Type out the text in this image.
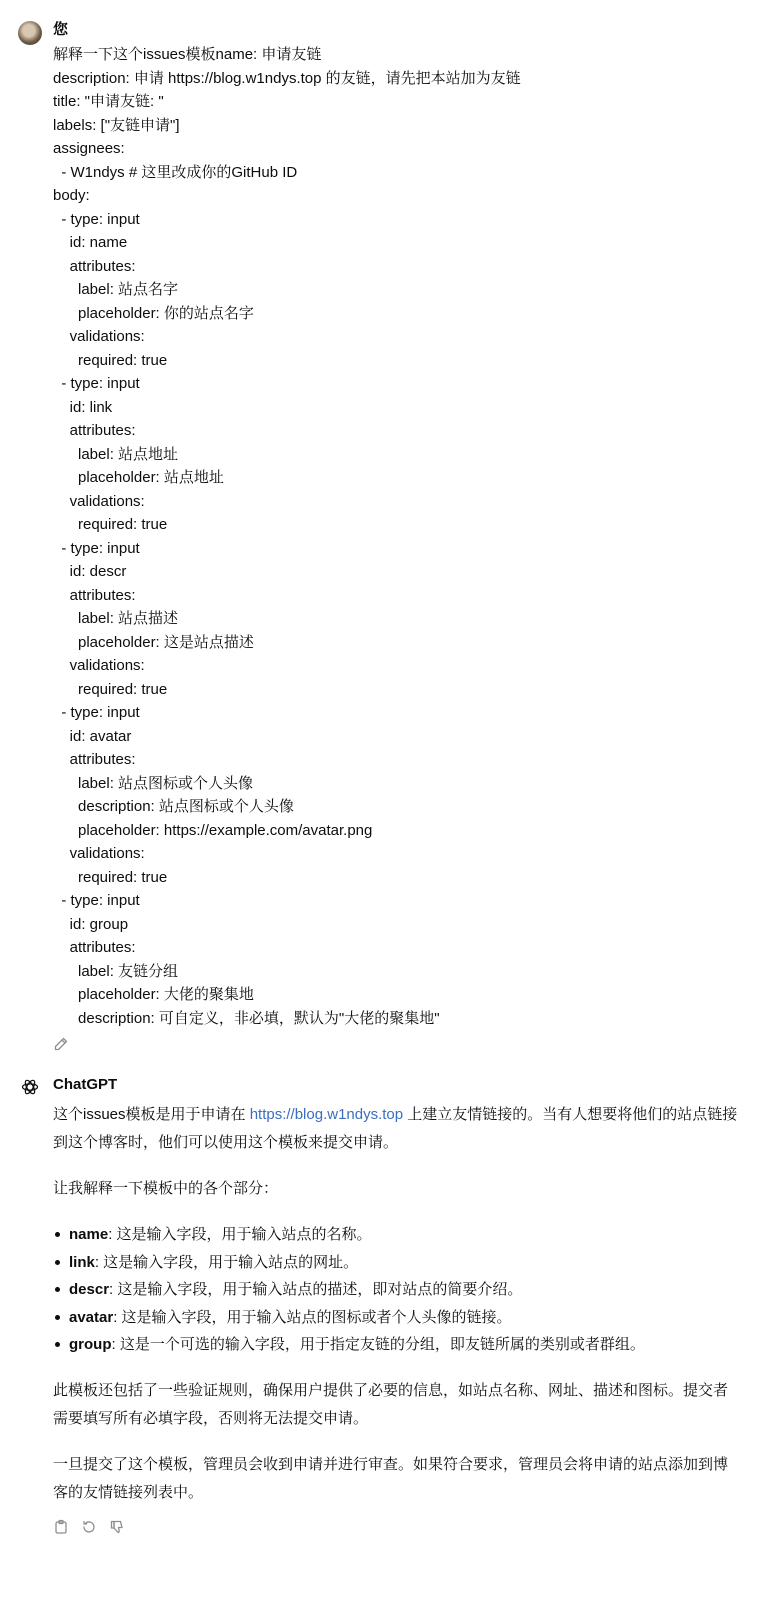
您
解释一下这个issues模板name: 申请友链
description: 申请 https://blog.w1ndys.top 的友链，请先把本站加为友链
title: "申请友链: "
labels: ["友链申请"]
assignees:
- W1ndys # 这里改成你的GitHub ID
body:
- type: input
id: name
attributes:
label: 站点名字
placeholder: 你的站点名字
validations:
required: true
- type: input
id: link
attributes:
label: 站点地址
placeholder: 站点地址
validations:
required: true
- type: input
id: descr
attributes:
label: 站点描述
placeholder: 这是站点描述
validations:
required: true
- type: input
id: avatar
attributes:
label: 站点图标或个人头像
description: 站点图标或个人头像
placeholder: https://example.com/avatar.png
validations:
required: true
- type: input
id: group
attributes:
label: 友链分组
placeholder: 大佬的聚集地
description: 可自定义，非必填，默认为"大佬的聚集地"
ChatGPT

这个issues模板是用于申请在 https://blog.w1ndys.top 上建立友情链接的。当有人想要将他们的站点链接到这个博客时，他们可以使用这个模板来提交申请。

让我解释一下模板中的各个部分：

name: 这是输入字段，用于输入站点的名称。
link: 这是输入字段，用于输入站点的网址。
descr: 这是输入字段，用于输入站点的描述，即对站点的简要介绍。
avatar: 这是输入字段，用于输入站点的图标或者个人头像的链接。
group: 这是一个可选的输入字段，用于指定友链的分组，即友链所属的类别或者群组。

此模板还包括了一些验证规则，确保用户提供了必要的信息，如站点名称、网址、描述和图标。提交者需要填写所有必填字段，否则将无法提交申请。

一旦提交了这个模板，管理员会收到申请并进行审查。如果符合要求，管理员会将申请的站点添加到博客的友情链接列表中。
